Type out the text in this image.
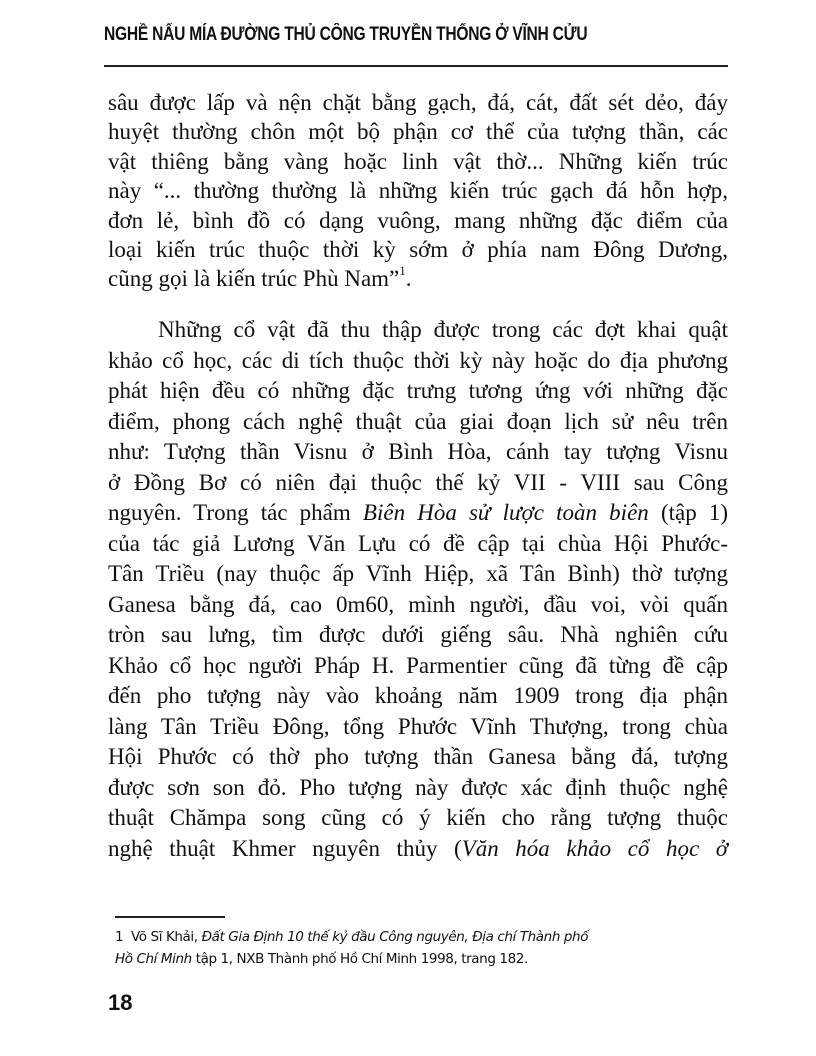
NGHỀ NẤU MÍA ĐƯỜNG THỦ CÔNG TRUYỀN THỐNG Ở VĨNH CỬU
sâu được lấp và nện chặt bằng gạch, đá, cát, đất sét dẻo, đáy
huyệt thường chôn một bộ phận cơ thể của tượng thần, các
vật thiêng bằng vàng hoặc linh vật thờ... Những kiến trúc
này “... thường thường là những kiến trúc gạch đá hỗn hợp,
đơn lẻ, bình đồ có dạng vuông, mang những đặc điểm của
loại kiến trúc thuộc thời kỳ sớm ở phía nam Đông Dương,
cũng gọi là kiến trúc Phù Nam”$^1$.
Những cổ vật đã thu thập được trong các đợt khai quật
khảo cổ học, các di tích thuộc thời kỳ này hoặc do địa phương
phát hiện đều có những đặc trưng tương ứng với những đặc
điểm, phong cách nghệ thuật của giai đoạn lịch sử nêu trên
như: Tượng thần Visnu ở Bình Hòa, cánh tay tượng Visnu
ở Đồng Bơ có niên đại thuộc thế kỷ VII - VIII sau Công
nguyên. Trong tác phẩm Biên Hòa sử lược toàn biên (tập 1)
của tác giả Lương Văn Lựu có đề cập tại chùa Hội Phước-
Tân Triều (nay thuộc ấp Vĩnh Hiệp, xã Tân Bình) thờ tượng
Ganesa bằng đá, cao 0m60, mình người, đầu voi, vòi quấn
tròn sau lưng, tìm được dưới giếng sâu. Nhà nghiên cứu
Khảo cổ học người Pháp H. Parmentier cũng đã từng đề cập
đến pho tượng này vào khoảng năm 1909 trong địa phận
làng Tân Triều Đông, tổng Phước Vĩnh Thượng, trong chùa
Hội Phước có thờ pho tượng thần Ganesa bằng đá, tượng
được sơn son đỏ. Pho tượng này được xác định thuộc nghệ
thuật Chămpa song cũng có ý kiến cho rằng tượng thuộc
nghệ thuật Khmer nguyên thủy (Văn hóa khảo cổ học ở
1 Võ Sĩ Khải, Đất Gia Định 10 thế kỷ đầu Công nguyên, Địa chí Thành phố
Hồ Chí Minh tập 1, NXB Thành phố Hồ Chí Minh 1998, trang 182.
18
